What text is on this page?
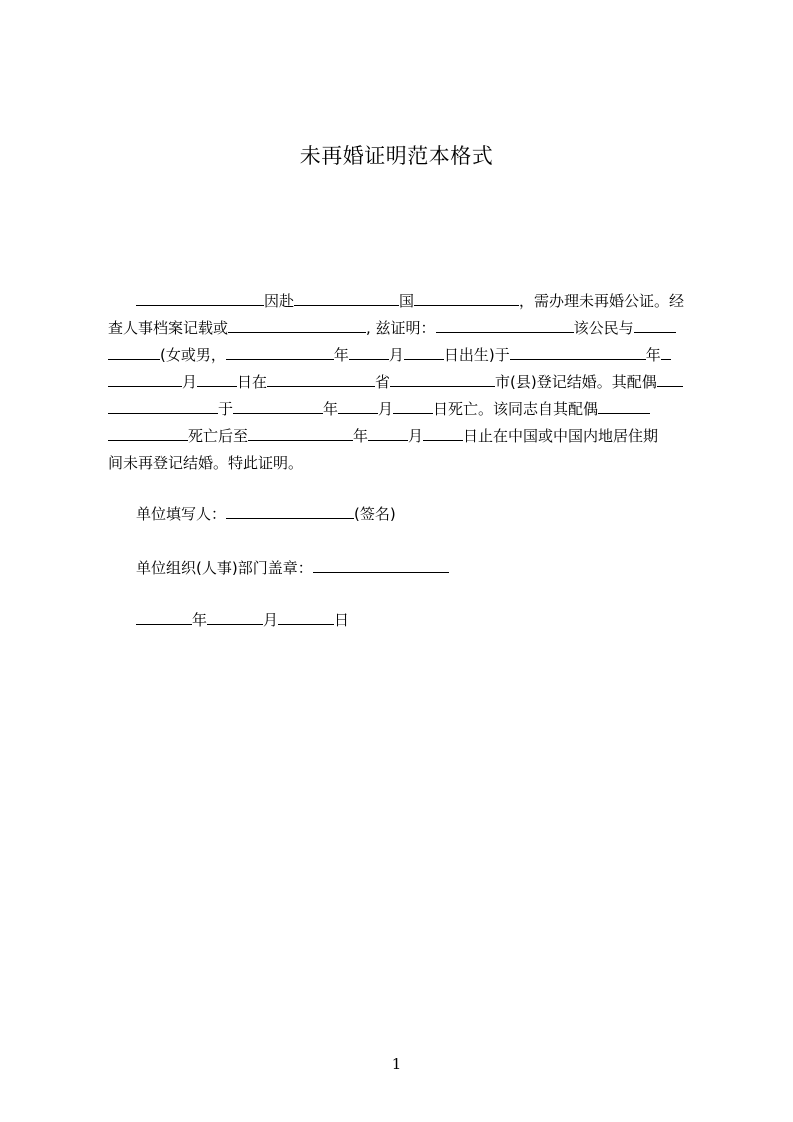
未再婚证明范本格式
因赴	国	，需办理未再婚公证。经
查人事档案记载或	, 兹证明：	该公民与
(女或男，	年	月	日出生)于	年
月	日在	省	市(县)登记结婚。其配偶
于	年	月	日死亡。该同志自其配偶
死亡后至	年	月	日止在中国或中国内地居住期
间未再登记结婚。特此证明。
单位填写人：	(签名)
单位组织(人事)部门盖章：
年	月	日
1
